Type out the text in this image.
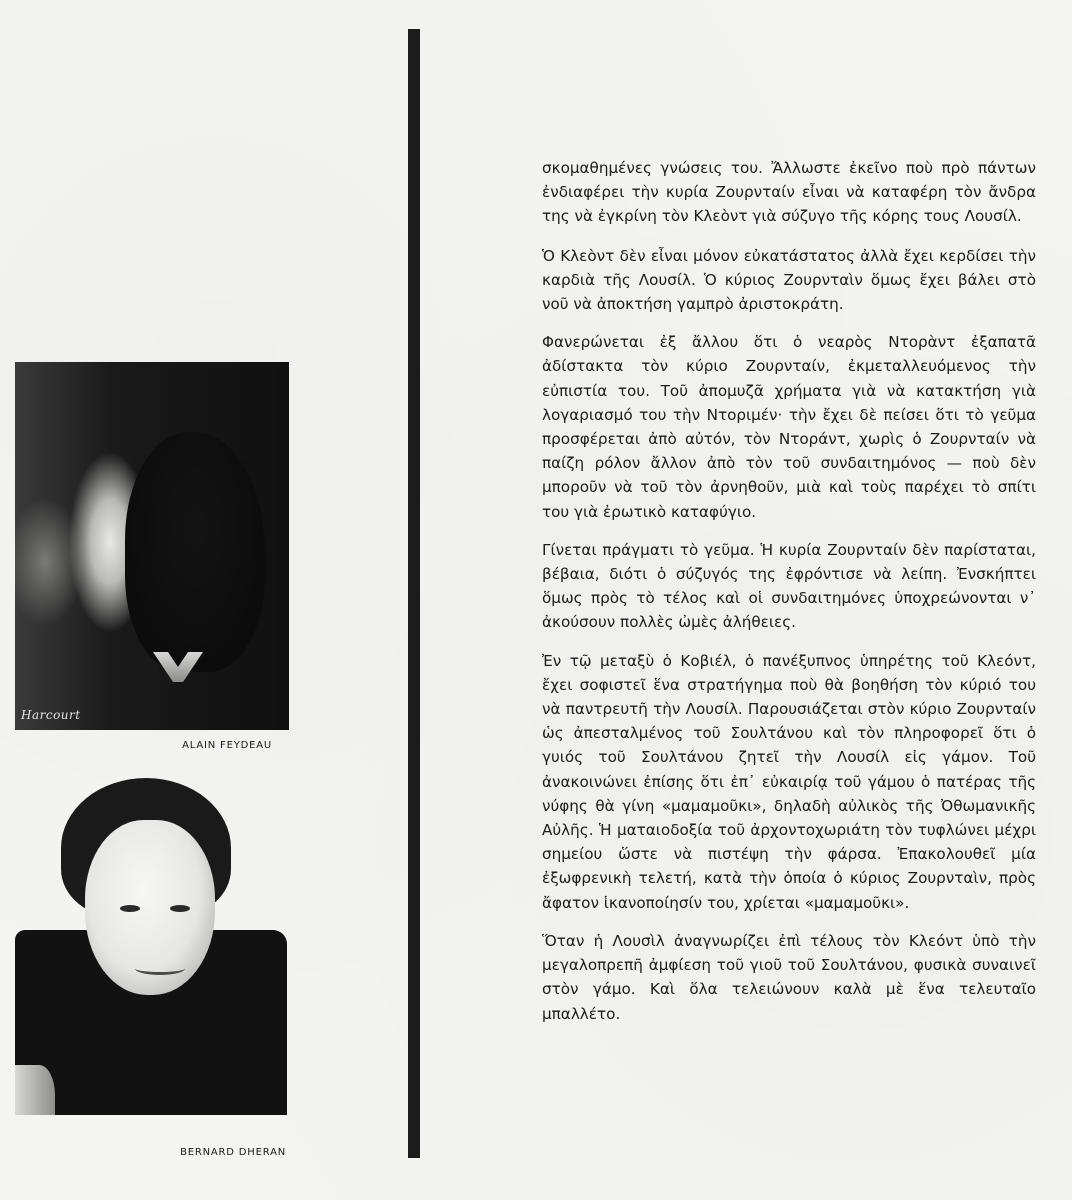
Harcourt
ALAIN FEYDEAU
BERNARD DHERAN

σκομαθημένες γνώσεις του. Ἄλλωστε ἐκεῖνο ποὺ πρὸ πάντων ἐνδιαφέρει τὴν κυρία Ζουρνταίν εἶναι νὰ καταφέρη τὸν ἄνδρα της νὰ ἐγκρίνη τὸν Κλεὸντ γιὰ σύζυγο τῆς κόρης τους Λουσίλ.

Ὁ Κλεὸντ δὲν εἶναι μόνον εὐκατάστατος ἀλλὰ ἔχει κερδίσει τὴν καρδιὰ τῆς Λουσίλ. Ὁ κύριος Ζουρνταὶν ὅμως ἔχει βάλει στὸ νοῦ νὰ ἀποκτήση γαμπρὸ ἀριστοκράτη.

Φανερώνεται ἐξ ἄλλου ὅτι ὁ νεαρὸς Ντορὰντ ἐξαπατᾶ ἀδίστακτα τὸν κύριο Ζουρνταίν, ἐκμεταλλευόμενος τὴν εὐπιστία του. Τοῦ ἀπομυζᾶ χρήματα γιὰ νὰ κατακτήση γιὰ λογαριασμό του τὴν Ντοριμέν· τὴν ἔχει δὲ πείσει ὅτι τὸ γεῦμα προσφέρεται ἀπὸ αὐτόν, τὸν Ντοράντ, χωρὶς ὁ Ζουρνταίν νὰ παίζη ρόλον ἄλλον ἀπὸ τὸν τοῦ συνδαιτημόνος — ποὺ δὲν μποροῦν νὰ τοῦ τὸν ἀρνηθοῦν, μιὰ καὶ τοὺς παρέχει τὸ σπίτι του γιὰ ἐρωτικὸ καταφύγιο.

Γίνεται πράγματι τὸ γεῦμα. Ἡ κυρία Ζουρνταίν δὲν παρίσταται, βέβαια, διότι ὁ σύζυγός της ἐφρόντισε νὰ λείπη. Ἐνσκήπτει ὅμως πρὸς τὸ τέλος καὶ οἱ συνδαιτημόνες ὑποχρεώνονται ν᾽ ἀκούσουν πολλὲς ὠμὲς ἀλήθειες.

Ἐν τῷ μεταξὺ ὁ Κοβιέλ, ὁ πανέξυπνος ὑπηρέτης τοῦ Κλεόντ, ἔχει σοφιστεῖ ἕνα στρατήγημα ποὺ θὰ βοηθήση τὸν κύριό του νὰ παντρευτῆ τὴν Λουσίλ. Παρουσιάζεται στὸν κύριο Ζουρνταίν ὡς ἀπεσταλμένος τοῦ Σουλτάνου καὶ τὸν πληροφορεῖ ὅτι ὁ γυιός τοῦ Σουλτάνου ζητεῖ τὴν Λουσίλ εἰς γάμον. Τοῦ ἀνακοινώνει ἐπίσης ὅτι ἐπ᾽ εὐκαιρίᾳ τοῦ γάμου ὁ πατέρας τῆς νύφης θὰ γίνη «μαμαμοῦκι», δηλαδὴ αὐλικὸς τῆς Ὀθωμανικῆς Αὐλῆς. Ἡ ματαιοδοξία τοῦ ἀρχοντοχωριάτη τὸν τυφλώνει μέχρι σημείου ὥστε νὰ πιστέψη τὴν φάρσα. Ἐπακολουθεῖ μία ἐξωφρενικὴ τελετή, κατὰ τὴν ὁποία ὁ κύριος Ζουρνταὶν, πρὸς ἄφατον ἱκανοποίησίν του, χρίεται «μαμαμοῦκι».

Ὅταν ἡ Λουσὶλ ἀναγνωρίζει ἐπὶ τέλους τὸν Κλεόντ ὑπὸ τὴν μεγαλοπρεπῆ ἀμφίεση τοῦ γιοῦ τοῦ Σουλτάνου, φυσικὰ συναινεῖ στὸν γάμο. Καὶ ὅλα τελειώνουν καλὰ μὲ ἕνα τελευταῖο μπαλλέτο.
